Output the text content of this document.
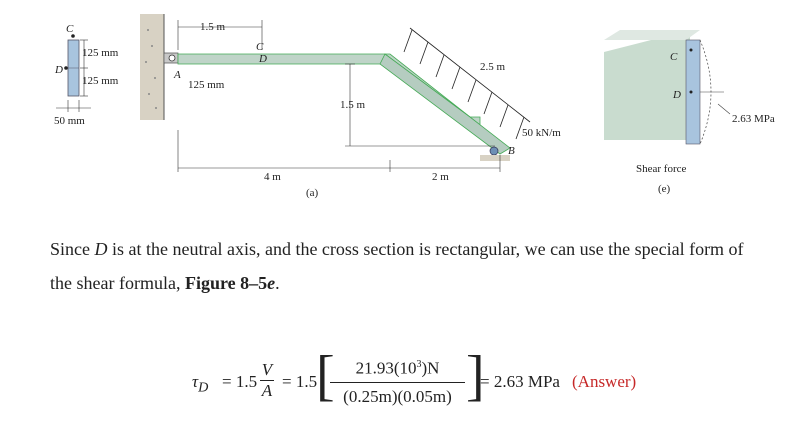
C
D
125 mm
125 mm
50 mm
1.5 m
C
D
A
125 mm
1.5 m
2.5 m
50 kN/m
B
4 m	2 m
(a)
C
D
2.63 MPa
Shear force
(e)
Since D is at the neutral axis, and the cross section is rectangular, we can use the special form of the shear formula, Figure 8–5e.
$\tau_D = 1.5 \frac{V}{A} = 1.5$
[
$\frac{21.93(10^3)N}{(0.25m)(0.05m)}$ ]
= 2.63 MPa (Answer)
